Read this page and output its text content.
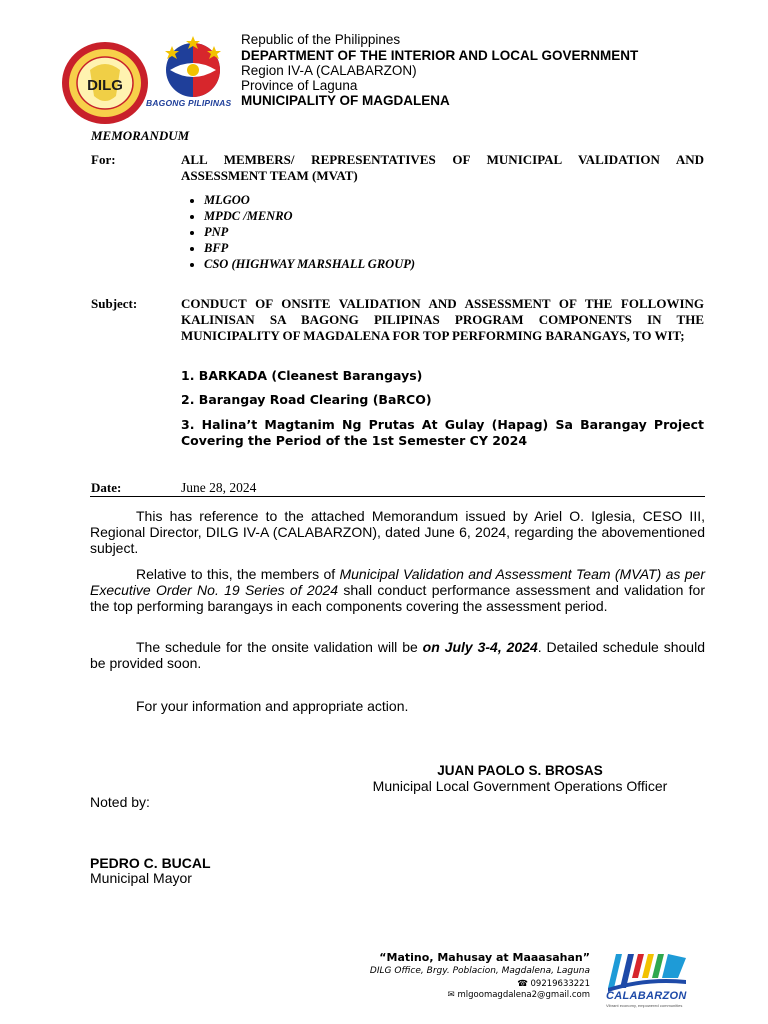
DILG
BAGONG PILIPINAS
Republic of the Philippines
DEPARTMENT OF THE INTERIOR AND LOCAL GOVERNMENT
Region IV-A (CALABARZON)
Province of Laguna
MUNICIPALITY OF MAGDALENA
MEMORANDUM
For:	ALL MEMBERS/ REPRESENTATIVES OF MUNICIPAL VALIDATION AND ASSESSMENT TEAM (MVAT)
• MLGOO
• MPDC /MENRO
• PNP
• BFP
• CSO (HIGHWAY MARSHALL GROUP)
Subject:	CONDUCT OF ONSITE VALIDATION AND ASSESSMENT OF THE FOLLOWING KALINISAN SA BAGONG PILIPINAS PROGRAM COMPONENTS IN THE MUNICIPALITY OF MAGDALENA FOR TOP PERFORMING BARANGAYS, TO WIT;
1. BARKADA (Cleanest Barangays)
2. Barangay Road Clearing (BaRCO)
3. Halina’t Magtanim Ng Prutas At Gulay (Hapag) Sa Barangay Project Covering the Period of the 1st Semester CY 2024
Date:	June 28, 2024
This has reference to the attached Memorandum issued by Ariel O. Iglesia, CESO III, Regional Director, DILG IV-A (CALABARZON), dated June 6, 2024, regarding the abovementioned subject.
Relative to this, the members of Municipal Validation and Assessment Team (MVAT) as per Executive Order No. 19 Series of 2024 shall conduct performance assessment and validation for the top performing barangays in each components covering the assessment period.
The schedule for the onsite validation will be on July 3-4, 2024. Detailed schedule should be provided soon.
For your information and appropriate action.
JUAN PAOLO S. BROSAS
Municipal Local Government Operations Officer
Noted by:
PEDRO C. BUCAL
Municipal Mayor
“Matino, Mahusay at Maaasahan”
DILG Office, Brgy. Poblacion, Magdalena, Laguna
☎ 09219633221
✉ mlgoomagdalena2@gmail.com CALABARZON
Vibrant economy, empowered communities
